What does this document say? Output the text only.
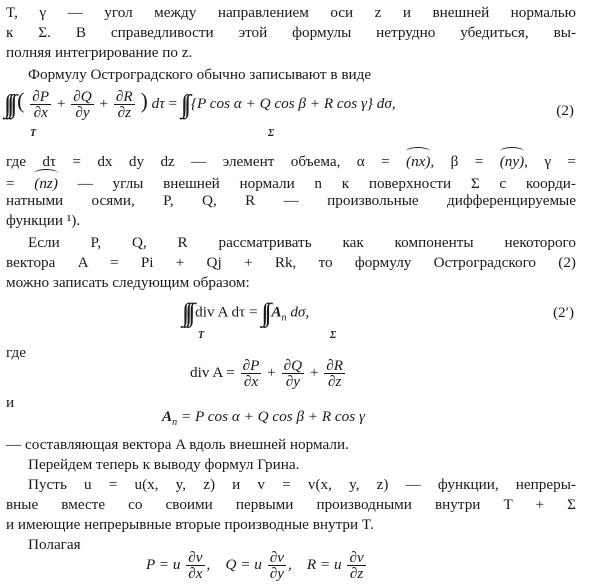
T, γ — угол между направлением оси z и внешней нормалью
к Σ. В справедливости этой формулы нетрудно убедиться, вы-
полняя интегрирование по z.
Формулу Остроградского обычно записывают в виде
∫∫∫ ( $\frac{\partial P}{\partial x} + \frac{\partial Q}{\partial y} + \frac{\partial R}{\partial z}$ ) dτ = ∫∫ {P cos α + Q cos β + R cos γ} dσ,
T	Σ
(2)
где dτ = dx dy dz — элемент объема, α = (nx), β = (ny), γ =
= (nz) — углы внешней нормали n к поверхности Σ с коорди-
натными осями, P, Q, R — произвольные дифференцируемые
функции ¹).
Если P, Q, R рассматривать как компоненты некоторого
вектора A = Pi + Qj + Rk, то формулу Остроградского (2)
можно записать следующим образом:
∫∫∫ div A dτ = ∫∫ $A_n$ dσ,
T	Σ
(2′)
где
div $A = \frac{\partial P}{\partial x} + \frac{\partial Q}{\partial y} + \frac{\partial R}{\partial z}$
и
$A_n = P$ cos α + Q cos β + R cos γ
— составляющая вектора A вдоль внешней нормали.
Перейдем теперь к выводу формул Грина.
Пусть u = u(x, y, z) и v = v(x, y, z) — функции, непреры-
вные вместе со своими первыми производными внутри T + Σ
и имеющие непрерывные вторые производные внутри T.
Полагая
P = u $\frac{\partial v}{\partial x}$ , Q = u $\frac{\partial v}{\partial y}$ , R = u $\frac{\partial v}{\partial z}$
